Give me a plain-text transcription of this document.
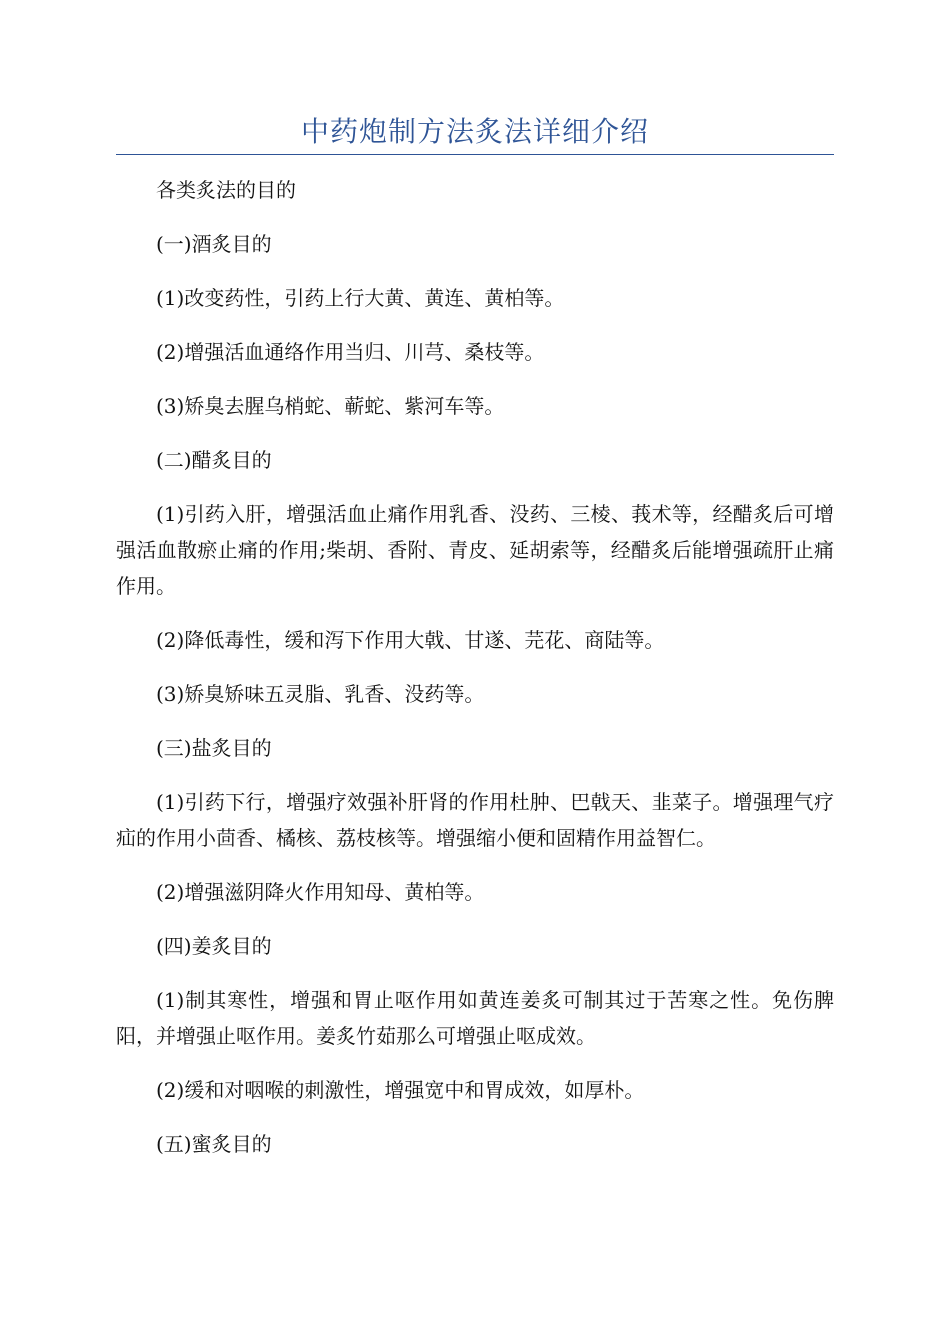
中药炮制方法炙法详细介绍

各类炙法的目的

(一)酒炙目的

(1)改变药性，引药上行大黄、黄连、黄柏等。

(2)增强活血通络作用当归、川芎、桑枝等。

(3)矫臭去腥乌梢蛇、蕲蛇、紫河车等。

(二)醋炙目的

(1)引药入肝，增强活血止痛作用乳香、没药、三棱、莪术等，经醋炙后可增强活血散瘀止痛的作用;柴胡、香附、青皮、延胡索等，经醋炙后能增强疏肝止痛作用。

(2)降低毒性，缓和泻下作用大戟、甘遂、芫花、商陆等。

(3)矫臭矫味五灵脂、乳香、没药等。

(三)盐炙目的

(1)引药下行，增强疗效强补肝肾的作用杜肿、巴戟天、韭菜子。增强理气疗疝的作用小茴香、橘核、荔枝核等。增强缩小便和固精作用益智仁。

(2)增强滋阴降火作用知母、黄柏等。

(四)姜炙目的

(1)制其寒性，增强和胃止呕作用如黄连姜炙可制其过于苦寒之性。免伤脾阳，并增强止呕作用。姜炙竹茹那么可增强止呕成效。

(2)缓和对咽喉的刺激性，增强宽中和胃成效，如厚朴。

(五)蜜炙目的
